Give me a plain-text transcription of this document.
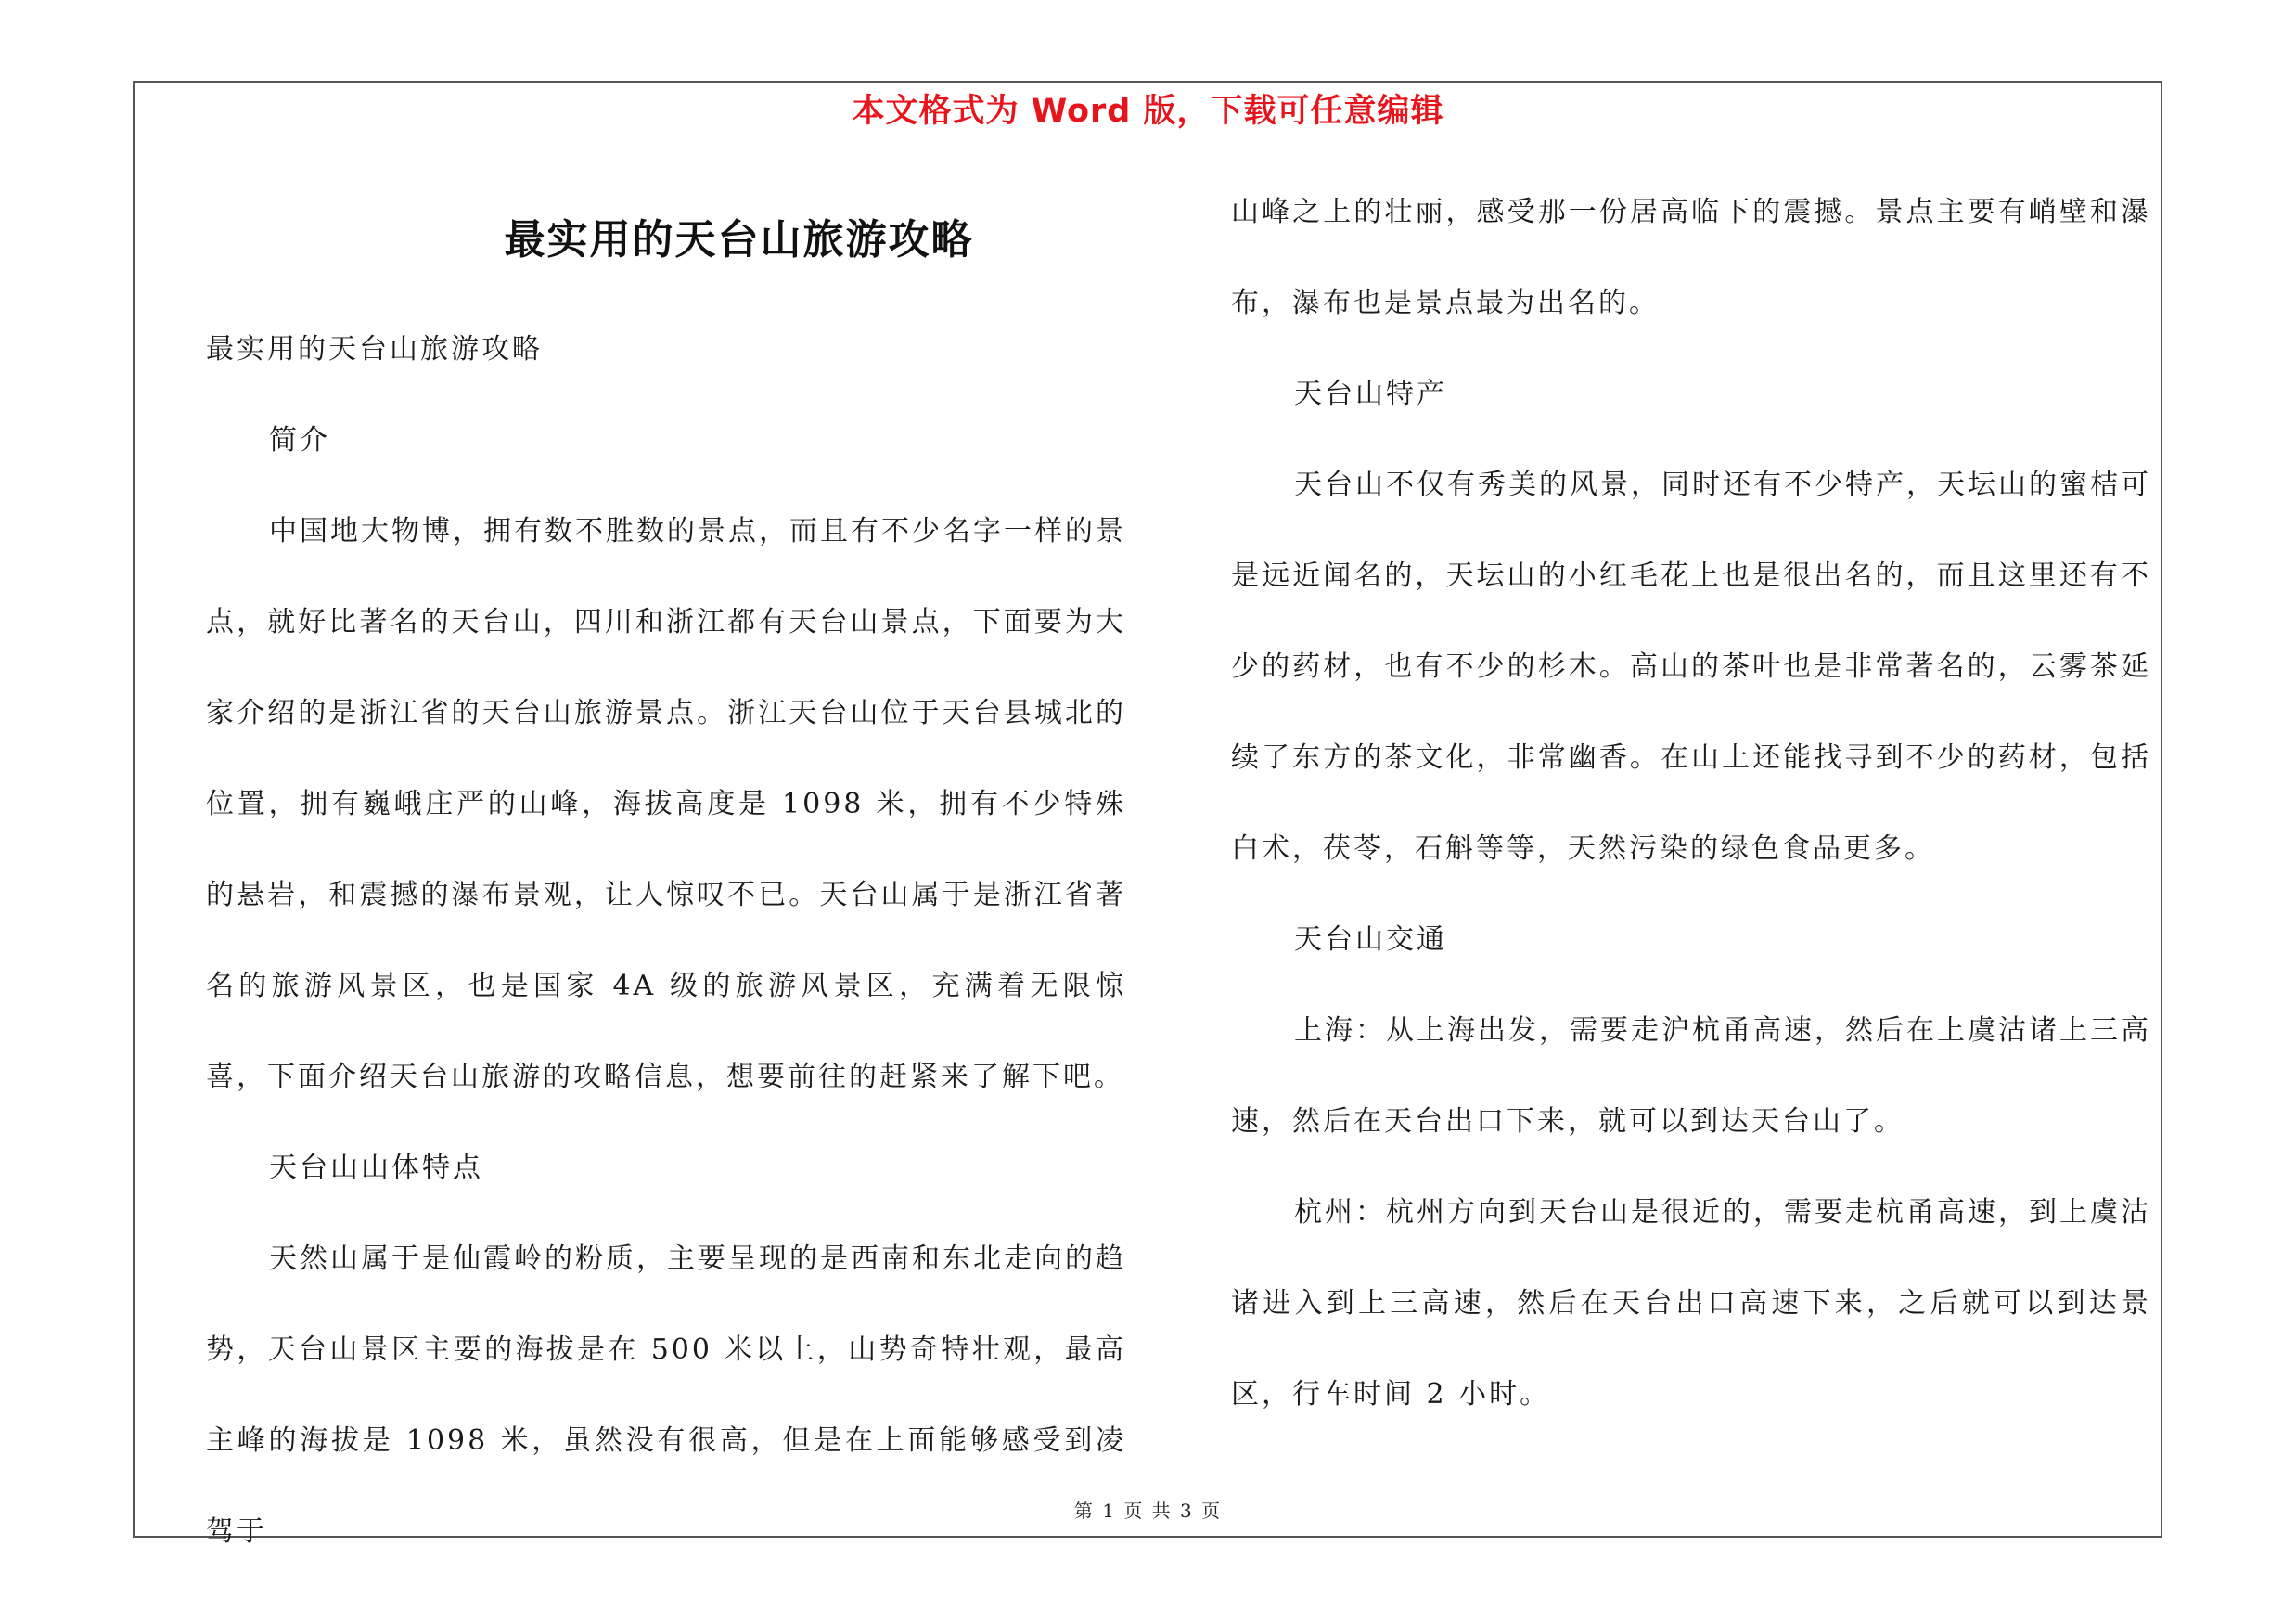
本文格式为 Word 版，下载可任意编辑
最实用的天台山旅游攻略

最实用的天台山旅游攻略

简介

中国地大物博，拥有数不胜数的景点，而且有不少名字一样的景点，就好比著名的天台山，四川和浙江都有天台山景点，下面要为大家介绍的是浙江省的天台山旅游景点。浙江天台山位于天台县城北的位置，拥有巍峨庄严的山峰，海拔高度是 1098 米，拥有不少特殊的悬岩，和震撼的瀑布景观，让人惊叹不已。天台山属于是浙江省著名的旅游风景区，也是国家 4A 级的旅游风景区，充满着无限惊喜，下面介绍天台山旅游的攻略信息，想要前往的赶紧来了解下吧。

天台山山体特点

天然山属于是仙霞岭的粉质，主要呈现的是西南和东北走向的趋势，天台山景区主要的海拔是在 500 米以上，山势奇特壮观，最高主峰的海拔是 1098 米，虽然没有很高，但是在上面能够感受到凌驾于

山峰之上的壮丽，感受那一份居高临下的震撼。景点主要有峭壁和瀑布，瀑布也是景点最为出名的。

天台山特产

天台山不仅有秀美的风景，同时还有不少特产，天坛山的蜜桔可是远近闻名的，天坛山的小红毛花上也是很出名的，而且这里还有不少的药材，也有不少的杉木。高山的茶叶也是非常著名的，云雾茶延续了东方的茶文化，非常幽香。在山上还能找寻到不少的药材，包括白术，茯苓，石斛等等，天然污染的绿色食品更多。

天台山交通

上海：从上海出发，需要走沪杭甬高速，然后在上虞沽诸上三高速，然后在天台出口下来，就可以到达天台山了。

杭州：杭州方向到天台山是很近的，需要走杭甬高速，到上虞沽诸进入到上三高速，然后在天台出口高速下来，之后就可以到达景区，行车时间 2 小时。

第 1 页 共 3 页
